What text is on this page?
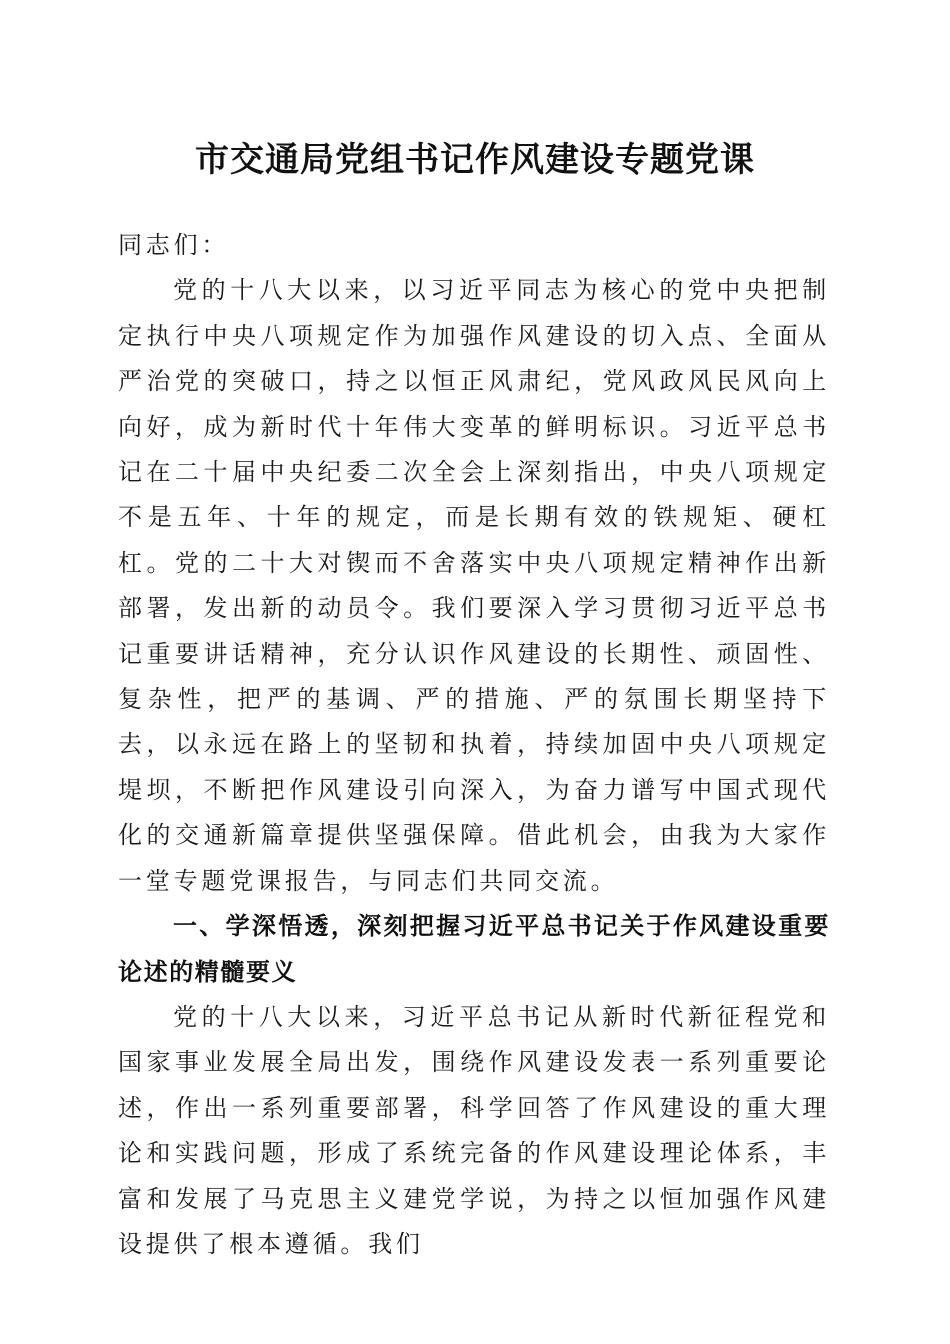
市交通局党组书记作风建设专题党课

同志们：

党的十八大以来，以习近平同志为核心的党中央把制定执行中央八项规定作为加强作风建设的切入点、全面从严治党的突破口，持之以恒正风肃纪，党风政风民风向上向好，成为新时代十年伟大变革的鲜明标识。习近平总书记在二十届中央纪委二次全会上深刻指出，中央八项规定不是五年、十年的规定，而是长期有效的铁规矩、硬杠杠。党的二十大对锲而不舍落实中央八项规定精神作出新部署，发出新的动员令。我们要深入学习贯彻习近平总书记重要讲话精神，充分认识作风建设的长期性、顽固性、复杂性，把严的基调、严的措施、严的氛围长期坚持下去，以永远在路上的坚韧和执着，持续加固中央八项规定堤坝，不断把作风建设引向深入，为奋力谱写中国式现代化的交通新篇章提供坚强保障。借此机会，由我为大家作一堂专题党课报告，与同志们共同交流。

一、学深悟透，深刻把握习近平总书记关于作风建设重要论述的精髓要义

党的十八大以来，习近平总书记从新时代新征程党和国家事业发展全局出发，围绕作风建设发表一系列重要论述，作出一系列重要部署，科学回答了作风建设的重大理论和实践问题，形成了系统完备的作风建设理论体系，丰富和发展了马克思主义建党学说，为持之以恒加强作风建设提供了根本遵循。我们
